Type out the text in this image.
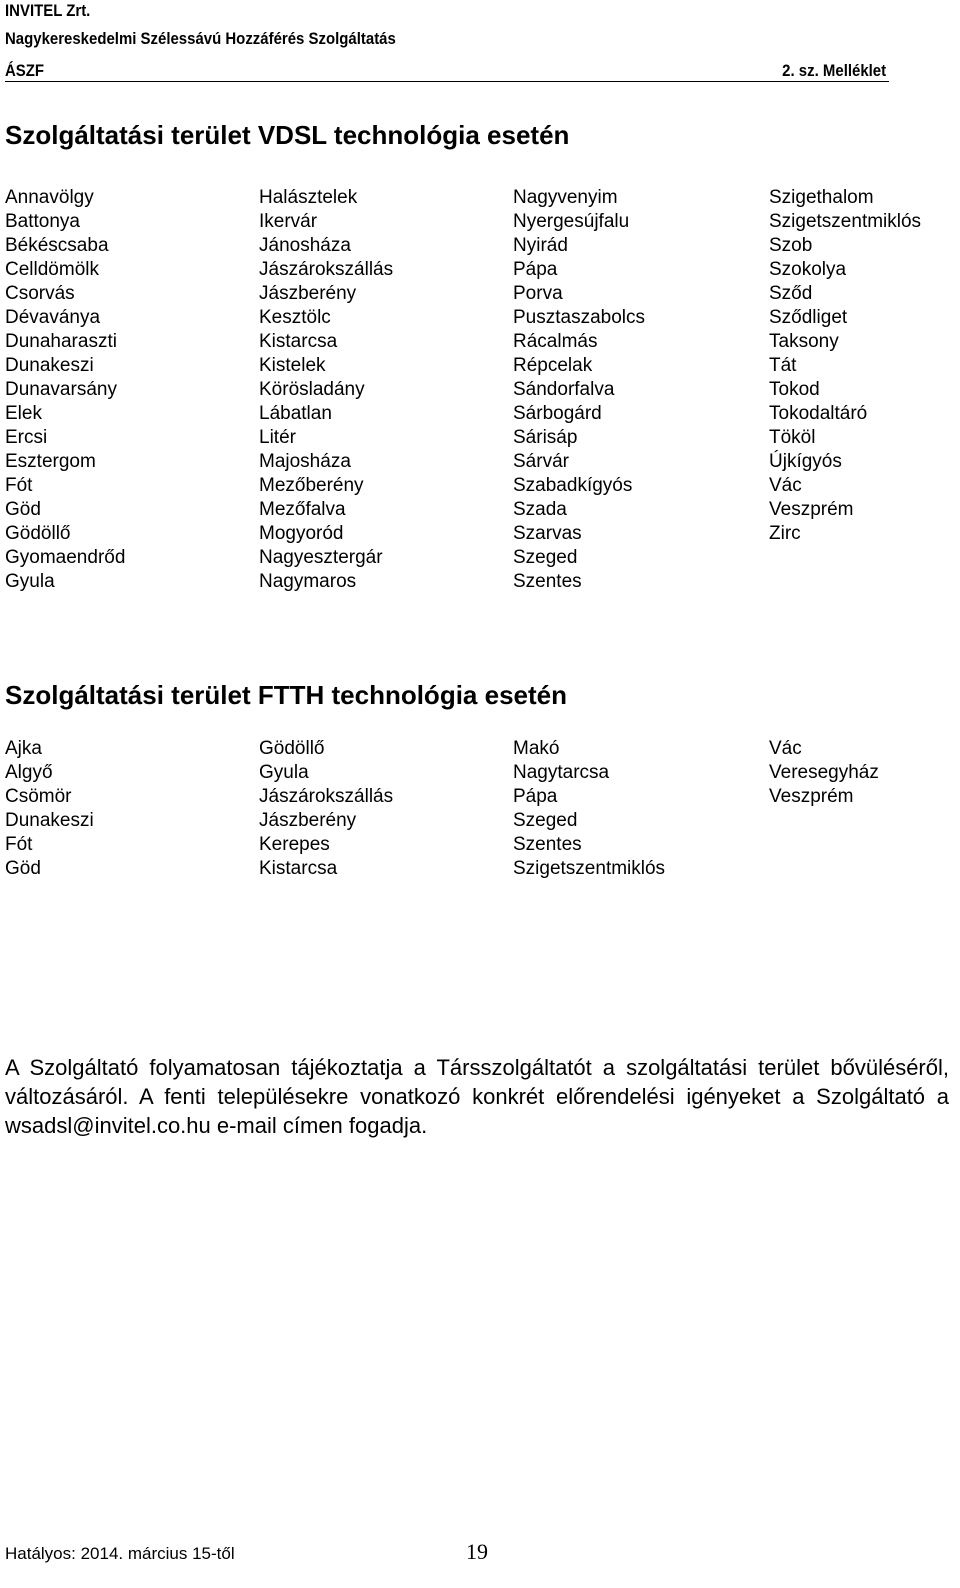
INVITEL Zrt.
Nagykereskedelmi Szélessávú Hozzáférés Szolgáltatás
ÁSZF	2. sz. Melléklet
Szolgáltatási terület VDSL technológia esetén
Annavölgy
Battonya
Békéscsaba
Celldömölk
Csorvás
Dévaványa
Dunaharaszti
Dunakeszi
Dunavarsány
Elek
Ercsi
Esztergom
Fót
Göd
Gödöllő
Gyomaendrőd
Gyula
Halásztelek
Ikervár
Jánosháza
Jászárokszállás
Jászberény
Kesztölc
Kistarcsa
Kistelek
Körösladány
Lábatlan
Litér
Majosháza
Mezőberény
Mezőfalva
Mogyoród
Nagyesztergár
Nagymaros
Nagyvenyim
Nyergesújfalu
Nyirád
Pápa
Porva
Pusztaszabolcs
Rácalmás
Répcelak
Sándorfalva
Sárbogárd
Sárisáp
Sárvár
Szabadkígyós
Szada
Szarvas
Szeged
Szentes
Szigethalom
Szigetszentmiklós
Szob
Szokolya
Sződ
Sződliget
Taksony
Tát
Tokod
Tokodaltáró
Tököl
Újkígyós
Vác
Veszprém
Zirc
Szolgáltatási terület FTTH technológia esetén
Ajka
Algyő
Csömör
Dunakeszi
Fót
Göd
Gödöllő
Gyula
Jászárokszállás
Jászberény
Kerepes
Kistarcsa
Makó
Nagytarcsa
Pápa
Szeged
Szentes
Szigetszentmiklós
Vác
Veresegyház
Veszprém
A Szolgáltató folyamatosan tájékoztatja a Társszolgáltatót a szolgáltatási terület bővüléséről, változásáról. A fenti településekre vonatkozó konkrét előrendelési igényeket a Szolgáltató a wsadsl@invitel.co.hu e-mail címen fogadja.
Hatályos: 2014. március 15-től	19
